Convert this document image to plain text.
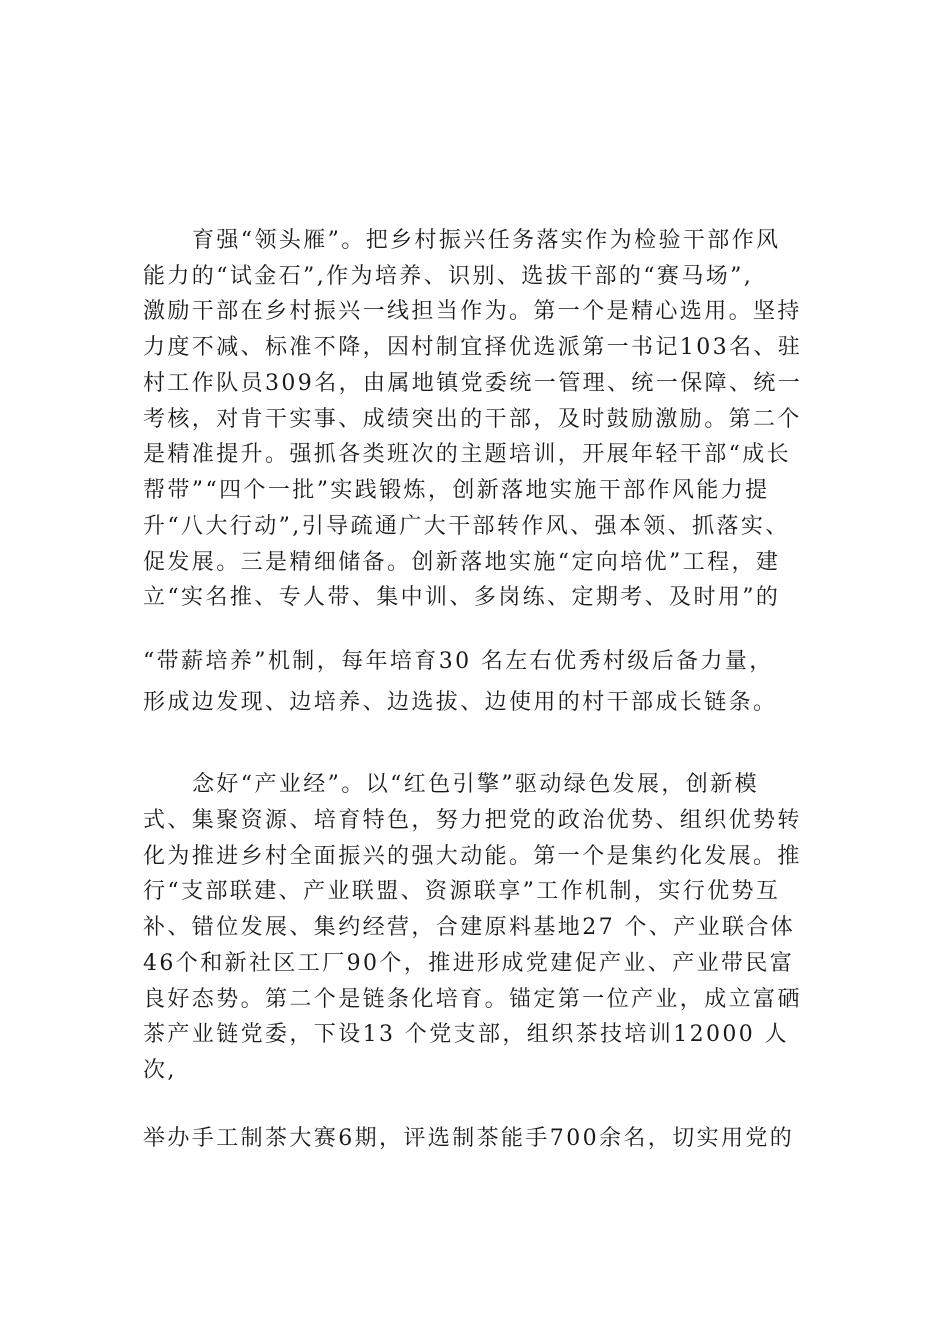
育强“领头雁”。把乡村振兴任务落实作为检验干部作风
能力的“试金石”,作为培养、识别、选拔干部的“赛马场”,
激励干部在乡村振兴一线担当作为。第一个是精心选用。坚持
力度不减、标准不降，因村制宜择优选派第一书记103名、驻
村工作队员309名，由属地镇党委统一管理、统一保障、统一
考核，对肯干实事、成绩突出的干部，及时鼓励激励。第二个
是精准提升。强抓各类班次的主题培训，开展年轻干部“成长
帮带”“四个一批”实践锻炼，创新落地实施干部作风能力提
升“八大行动”,引导疏通广大干部转作风、强本领、抓落实、
促发展。三是精细储备。创新落地实施“定向培优”工程，建
立“实名推、专人带、集中训、多岗练、定期考、及时用”的
“带薪培养”机制，每年培育30 名左右优秀村级后备力量，
形成边发现、边培养、边选拔、边使用的村干部成长链条。
念好“产业经”。以“红色引擎”驱动绿色发展，创新模
式、集聚资源、培育特色，努力把党的政治优势、组织优势转
化为推进乡村全面振兴的强大动能。第一个是集约化发展。推
行“支部联建、产业联盟、资源联享”工作机制，实行优势互
补、错位发展、集约经营，合建原料基地27 个、产业联合体
46个和新社区工厂90个，推进形成党建促产业、产业带民富
良好态势。第二个是链条化培育。锚定第一位产业，成立富硒
茶产业链党委，下设13 个党支部，组织茶技培训12000 人
次,
举办手工制茶大赛6期，评选制茶能手700余名，切实用党的
